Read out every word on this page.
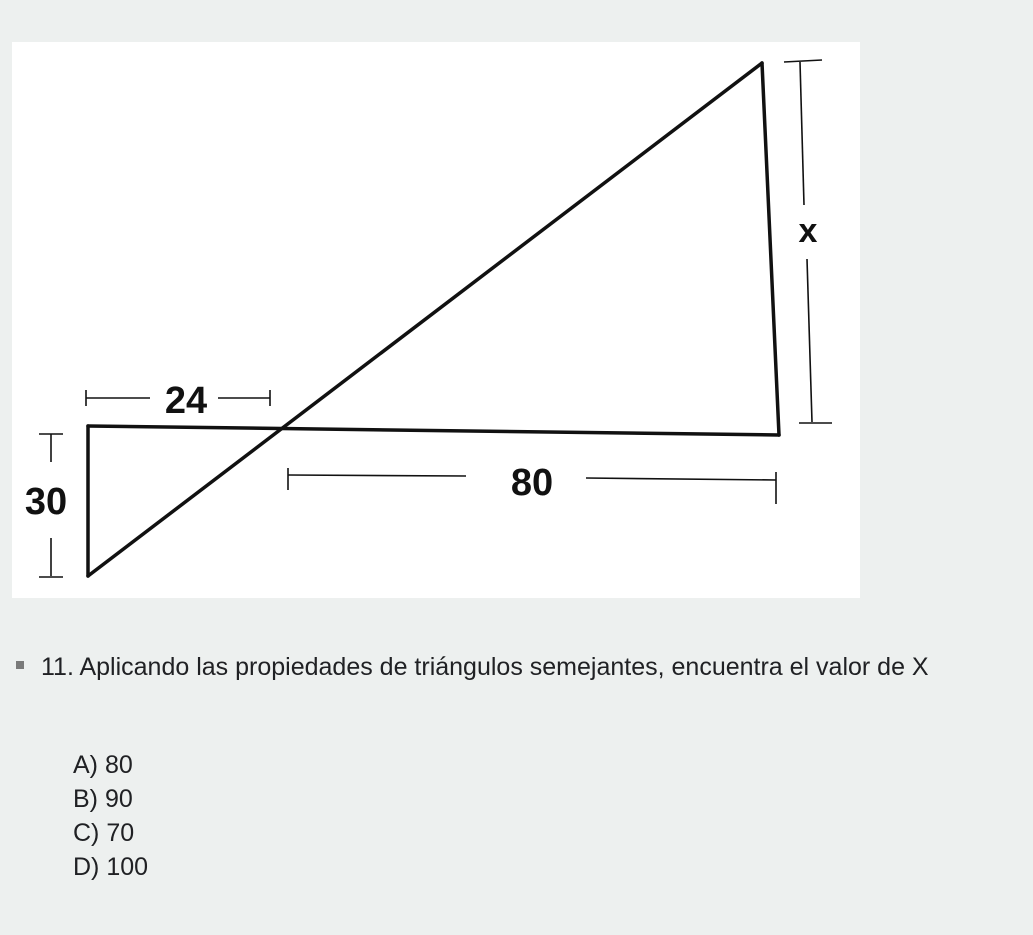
x
24
80
30
11. Aplicando las propiedades de triángulos semejantes, encuentra el valor de X
A) 80
B) 90
C) 70
D) 100
